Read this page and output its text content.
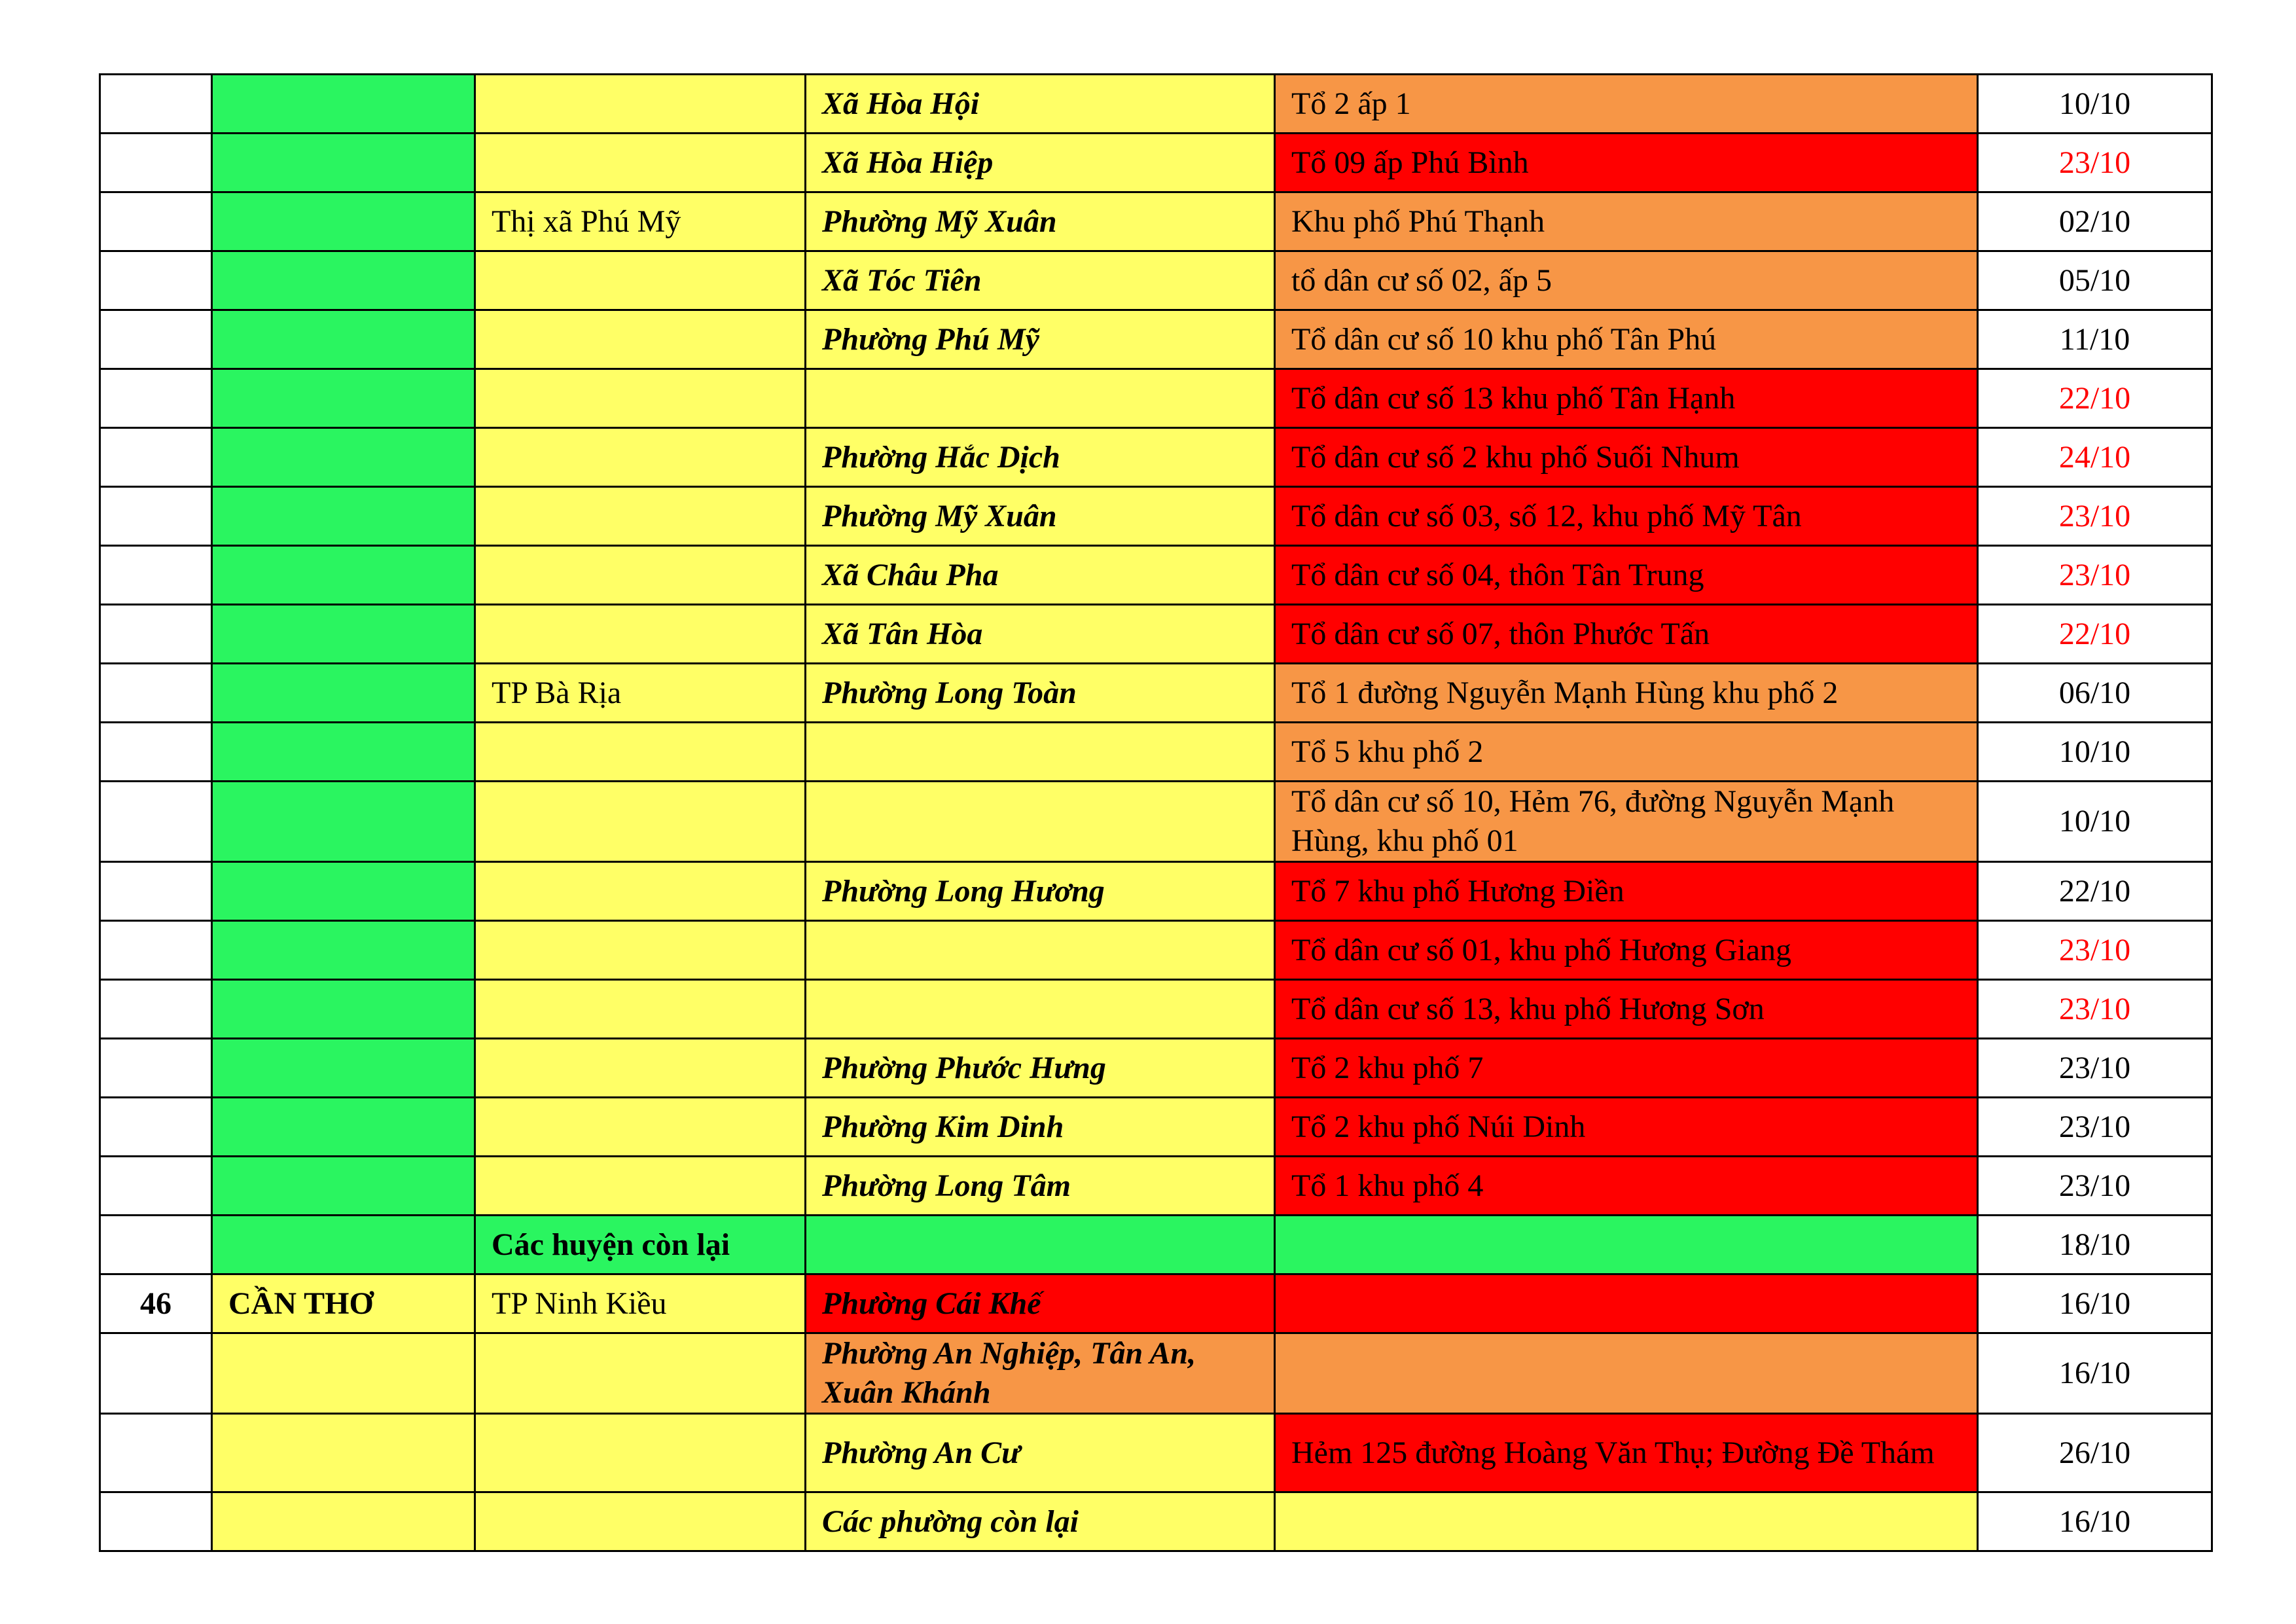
			Xã Hòa Hội	Tổ 2 ấp 1	10/10
			Xã Hòa Hiệp	Tổ 09 ấp Phú Bình	23/10
		Thị xã Phú Mỹ	Phường Mỹ Xuân	Khu phố Phú Thạnh	02/10
			Xã Tóc Tiên	tổ dân cư số 02, ấp 5	05/10
			Phường Phú Mỹ	Tổ dân cư số 10 khu phố Tân Phú	11/10
				Tổ dân cư số 13 khu phố Tân Hạnh	22/10
			Phường Hắc Dịch	Tổ dân cư số 2 khu phố Suối Nhum	24/10
			Phường Mỹ Xuân	Tổ dân cư số 03, số 12, khu phố Mỹ Tân	23/10
			Xã Châu Pha	Tổ dân cư số 04, thôn Tân Trung	23/10
			Xã Tân Hòa	Tổ dân cư số 07, thôn Phước Tấn	22/10
		TP Bà Rịa	Phường Long Toàn	Tổ 1 đường Nguyễn Mạnh Hùng khu phố 2	06/10
				Tổ 5 khu phố 2	10/10
				Tổ dân cư số 10, Hẻm 76, đường Nguyễn Mạnh Hùng, khu phố 01	10/10
			Phường Long Hương	Tổ 7 khu phố Hương Điền	22/10
				Tổ dân cư số 01, khu phố Hương Giang	23/10
				Tổ dân cư số 13, khu phố Hương Sơn	23/10
			Phường Phước Hưng	Tổ 2 khu phố 7	23/10
			Phường Kim Dinh	Tổ 2 khu phố Núi Dinh	23/10
			Phường Long Tâm	Tổ 1 khu phố 4	23/10
		Các huyện còn lại			18/10
46	CẦN THƠ	TP Ninh Kiều	Phường Cái Khế		16/10
			Phường An Nghiệp, Tân An, Xuân Khánh		16/10
			Phường An Cư	Hẻm 125 đường Hoàng Văn Thụ; Đường Đề Thám	26/10
			Các phường còn lại		16/10
